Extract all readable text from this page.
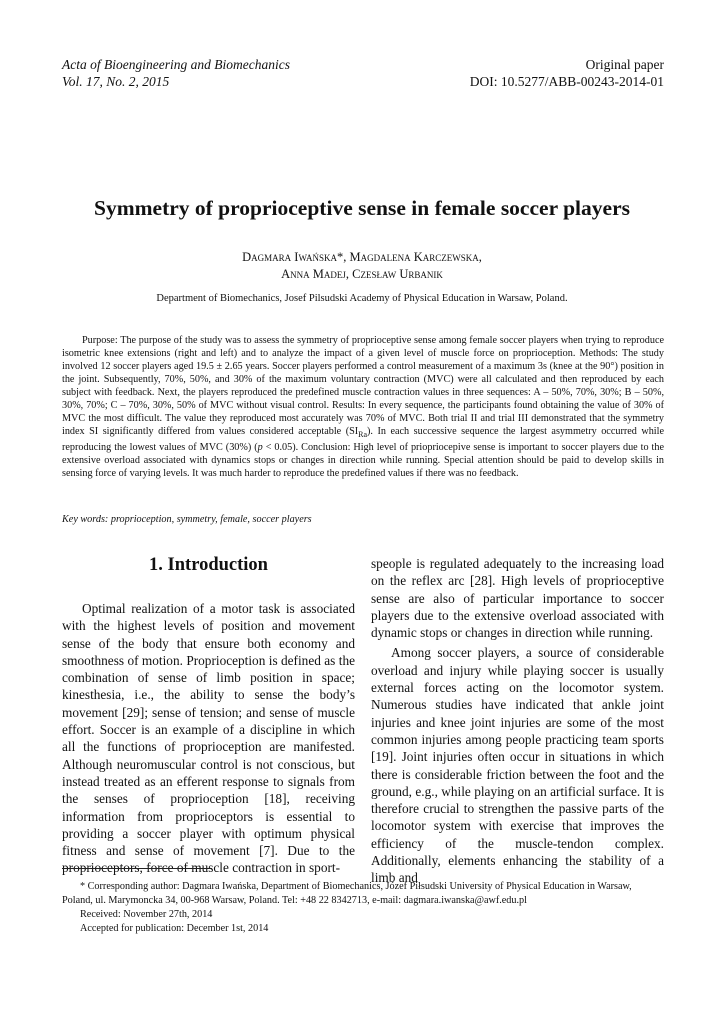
Acta of Bioengineering and Biomechanics
Vol. 17, No. 2, 2015
Original paper
DOI: 10.5277/ABB-00243-2014-01
Symmetry of proprioceptive sense in female soccer players
Dagmara Iwańska*, Magdalena Karczewska,
Anna Madej, Czesław Urbanik
Department of Biomechanics, Josef Pilsudski Academy of Physical Education in Warsaw, Poland.

Purpose: The purpose of the study was to assess the symmetry of proprioceptive sense among female soccer players when trying to reproduce isometric knee extensions (right and left) and to analyze the impact of a given level of muscle force on proprioception. Methods: The study involved 12 soccer players aged 19.5 ± 2.65 years. Soccer players performed a control measurement of a maximum 3s (knee at the 90°) position in the joint. Subsequently, 70%, 50%, and 30% of the maximum voluntary contraction (MVC) were all calculated and then reproduced by each subject with feedback. Next, the players reproduced the predefined muscle contraction values in three sequences: A – 50%, 70%, 30%; B – 50%, 30%, 70%; C – 70%, 30%, 50% of MVC without visual control. Results: In every sequence, the participants found obtaining the value of 30% of MVC the most difficult. The value they reproduced most accurately was 70% of MVC. Both trial II and trial III demonstrated that the symmetry index SI significantly differed from values considered acceptable $(SI_{Ra})$. In each successive sequence the largest asymmetry occurred while reproducing the lowest values of MVC (30%) (p < 0.05). Conclusion: High level of priopriocepive sense is important to soccer players due to the extensive overload associated with dynamics stops or changes in direction while running. Special attention should be paid to develop skills in sensing force of varying levels. It was much harder to reproduce the predefined values if there was no feedback.

Key words: proprioception, symmetry, female, soccer players
1. Introduction

Optimal realization of a motor task is associated with the highest levels of position and movement sense of the body that ensure both economy and smoothness of motion. Proprioception is defined as the combination of sense of limb position in space; kinesthesia, i.e., the ability to sense the body’s movement [29]; sense of tension; and sense of muscle effort. Soccer is an example of a discipline in which all the functions of proprioception are manifested. Although neuromuscular control is not conscious, but instead treated as an efferent response to signals from the senses of proprioception [18], receiving information from proprioceptors is essential to providing a soccer player with optimum physical fitness and sense of movement [7]. Due to the proprioceptors, force of muscle contraction in sport-

speople is regulated adequately to the increasing load on the reflex arc [28]. High levels of proprioceptive sense are also of particular importance to soccer players due to the extensive overload associated with dynamic stops or changes in direction while running.

Among soccer players, a source of considerable overload and injury while playing soccer is usually external forces acting on the locomotor system. Numerous studies have indicated that ankle joint injuries and knee joint injuries are some of the most common injuries among people practicing team sports [19]. Joint injuries often occur in situations in which there is considerable friction between the foot and the ground, e.g., while playing on an artificial surface. It is therefore crucial to strengthen the passive parts of the locomotor system with exercise that improves the efficiency of the muscle-tendon complex. Additionally, elements enhancing the stability of a limb and

* Corresponding author: Dagmara Iwańska, Department of Biomechanics, Józef Piłsudski University of Physical Education in Warsaw, Poland, ul. Marymoncka 34, 00-968 Warsaw, Poland. Tel: +48 22 8342713, e-mail: dagmara.iwanska@awf.edu.pl

Received: November 27th, 2014

Accepted for publication: December 1st, 2014
